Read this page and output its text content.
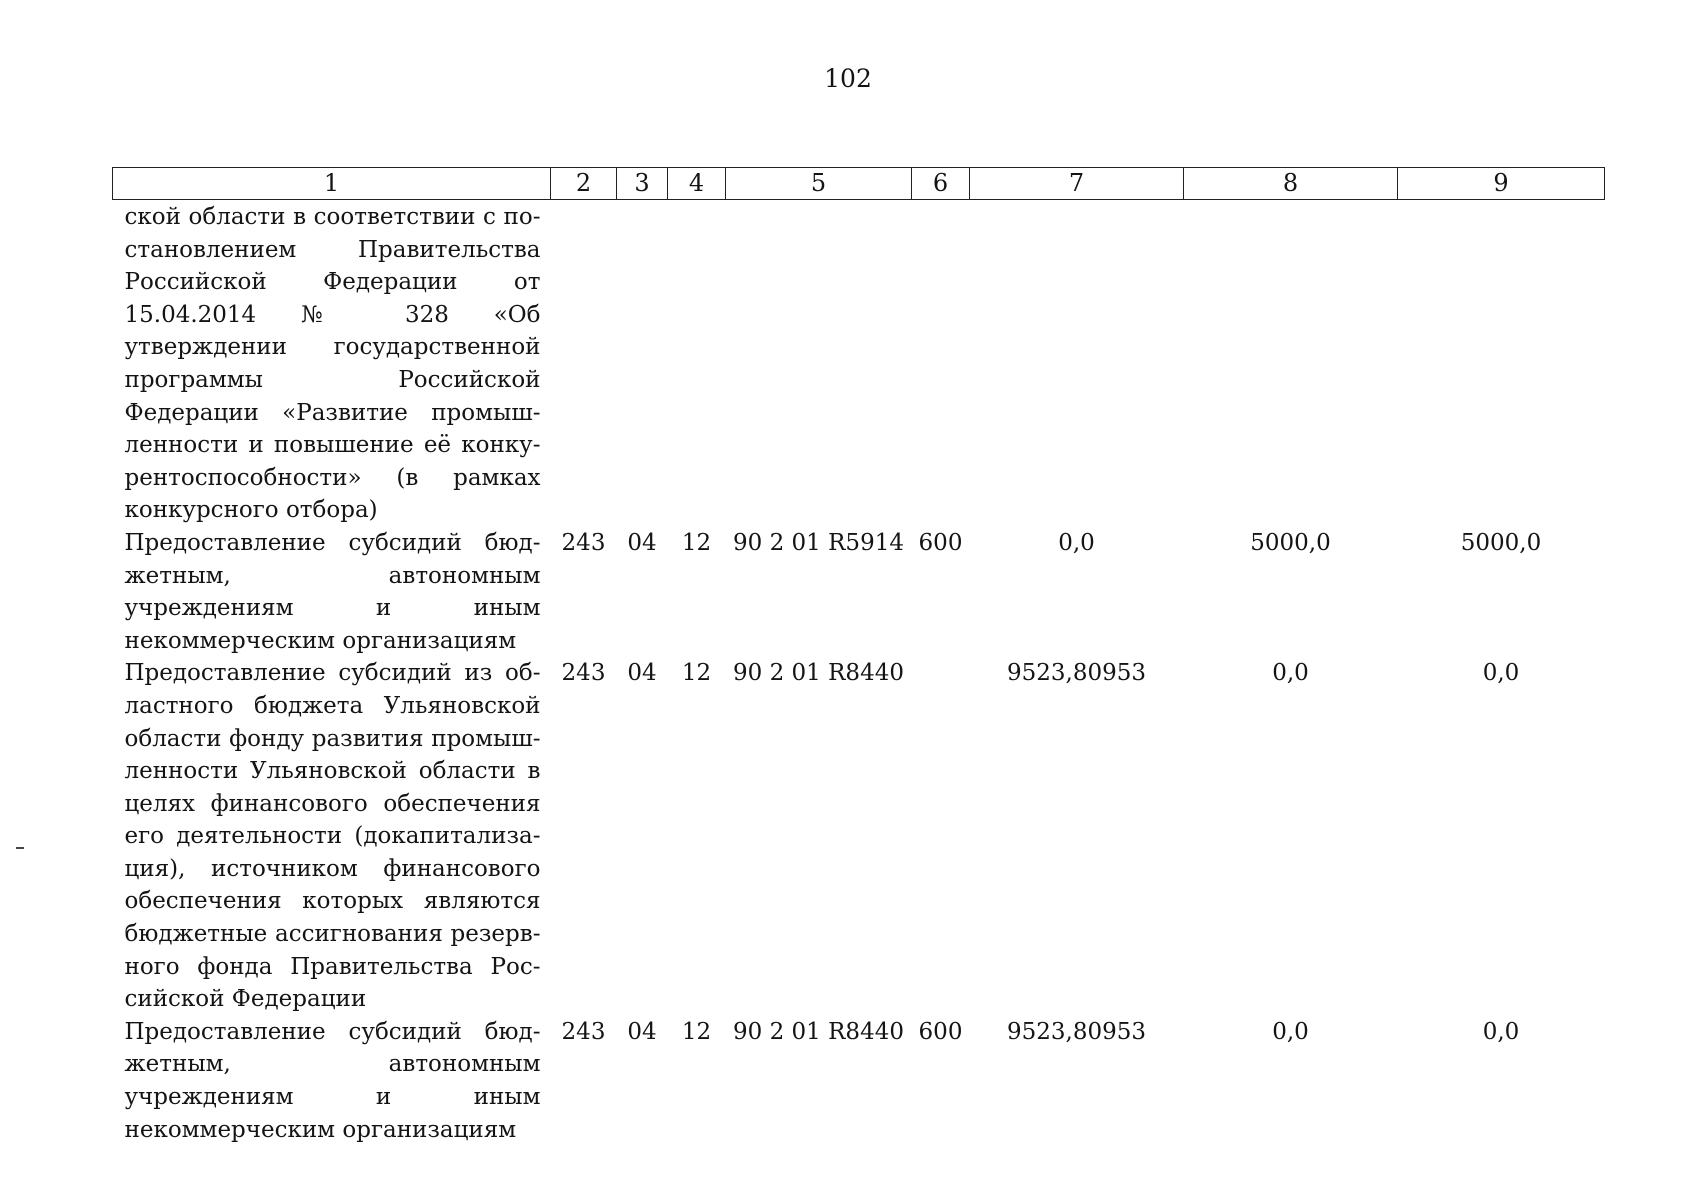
102
1	2	3	4	5	6	7	8	9
ской области в соответствии с постановлением Правительства Российской Федерации от 15.04.2014 № 328 «Об утверждении государственной программы Российской Федерации «Развитие промышленности и повышение её конкурентоспособности» (в рамках конкурсного отбора)								
Предоставление субсидий бюджетным, автономным учреждениям и иным некоммерческим организациям	243	04	12	90 2 01 R5914	600	0,0	5000,0	5000,0
Предоставление субсидий из областного бюджета Ульяновской области фонду развития промышленности Ульяновской области в целях финансового обеспечения его деятельности (докапитализация), источником финансового обеспечения которых являются бюджетные ассигнования резервного фонда Правительства Российской Федерации	243	04	12	90 2 01 R8440		9523,80953	0,0	0,0
Предоставление субсидий бюджетным, автономным учреждениям и иным некоммерческим организациям	243	04	12	90 2 01 R8440	600	9523,80953	0,0	0,0
